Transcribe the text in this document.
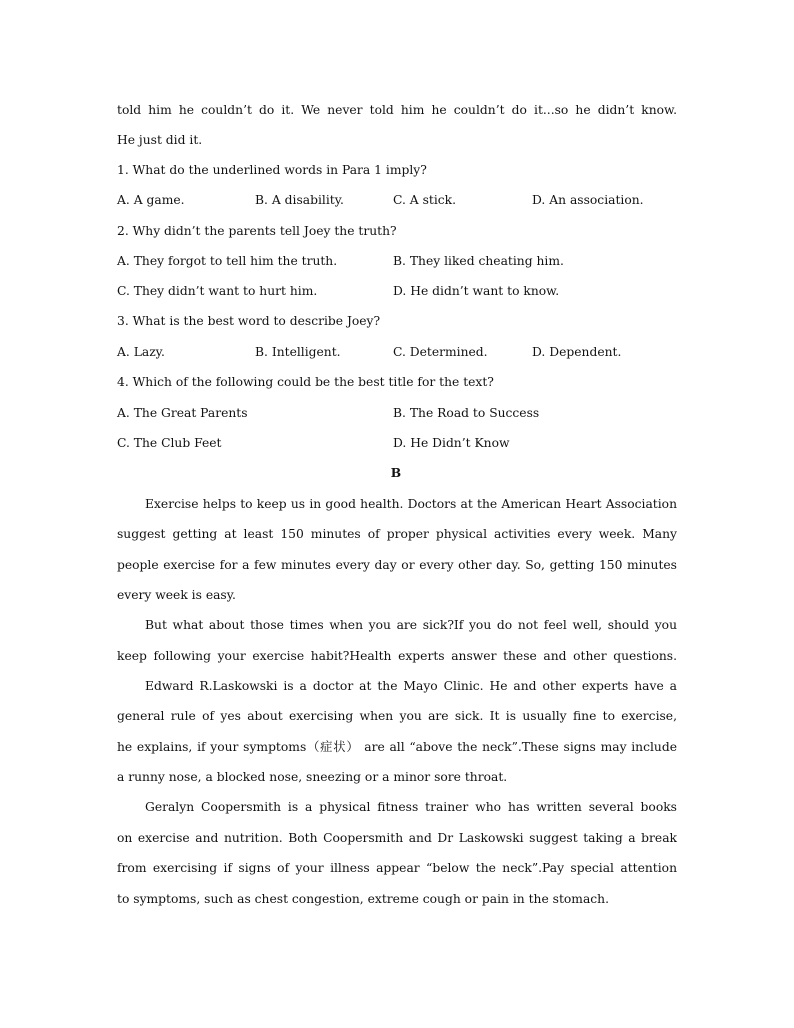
told him he couldn’t do it. We never told him he couldn’t do it...so he didn’t know.
He just did it.
1. What do the underlined words in Para 1 imply?
A. A game.	B. A disability.	C. A stick.	D. An association.
2. Why didn’t the parents tell Joey the truth?
A. They forgot to tell him the truth.	B. They liked cheating him.
C. They didn’t want to hurt him.	D. He didn’t want to know.
3. What is the best word to describe Joey?
A. Lazy.	B. Intelligent.	C. Determined.	D. Dependent.
4. Which of the following could be the best title for the text?
A. The Great Parents	B. The Road to Success
C. The Club Feet	D. He Didn’t Know
B
Exercise helps to keep us in good health. Doctors at the American Heart Association
suggest getting at least 150 minutes of proper physical activities every week. Many
people exercise for a few minutes every day or every other day. So, getting 150 minutes
every week is easy.
But what about those times when you are sick?If you do not feel well, should you
keep following your exercise habit?Health experts answer these and other questions.
Edward R.Laskowski is a doctor at the Mayo Clinic. He and other experts have a
general rule of yes about exercising when you are sick. It is usually fine to exercise,
he explains, if your symptoms（症状） are all “above the neck”.These signs may include
a runny nose, a blocked nose, sneezing or a minor sore throat.
Geralyn Coopersmith is a physical fitness trainer who has written several books
on exercise and nutrition. Both Coopersmith and Dr Laskowski suggest taking a break
from exercising if signs of your illness appear “below the neck”.Pay special attention
to symptoms, such as chest congestion, extreme cough or pain in the stomach.
